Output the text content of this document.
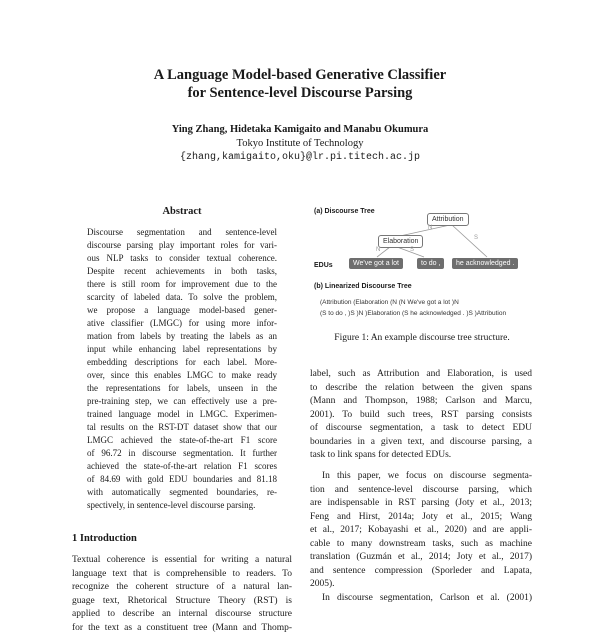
A Language Model-based Generative Classifier
for Sentence-level Discourse Parsing
Ying Zhang, Hidetaka Kamigaito and Manabu Okumura
Tokyo Institute of Technology
{zhang,kamigaito,oku}@lr.pi.titech.ac.jp
Abstract
Discourse segmentation and sentence-level
discourse parsing play important roles for vari-
ous NLP tasks to consider textual coherence.
Despite recent achievements in both tasks,
there is still room for improvement due to the
scarcity of labeled data. To solve the problem,
we propose a language model-based gener-
ative classifier (LMGC) for using more infor-
mation from labels by treating the labels as an
input while enhancing label representations by
embedding descriptions for each label. More-
over, since this enables LMGC to make ready
the representations for labels, unseen in the
pre-training step, we can effectively use a pre-
trained language model in LMGC. Experimen-
tal results on the RST-DT dataset show that our
LMGC achieved the state-of-the-art F1 score
of 96.72 in discourse segmentation. It further
achieved the state-of-the-art relation F1 scores
of 84.69 with gold EDU boundaries and 81.18
with automatically segmented boundaries, re-
spectively, in sentence-level discourse parsing.
1 Introduction
Textual coherence is essential for writing a natural
language text that is comprehensible to readers. To
recognize the coherent structure of a natural lan-
guage text, Rhetorical Structure Theory (RST) is
applied to describe an internal discourse structure
for the text as a constituent tree (Mann and Thomp-
(a) Discourse Tree
Attribution
Elaboration
N
S
N	S
EDUs	We've got a lot	to do ,	he acknowledged .
(b) Linearized Discourse Tree
(Attribution (Elaboration (N (N We've got a lot )N
(S to do , )S )N )Elaboration (S he acknowledged . )S )Attribution
Figure 1: An example discourse tree structure.
label, such as Attribution and Elaboration, is used
to describe the relation between the given spans
(Mann and Thompson, 1988; Carlson and Marcu,
2001). To build such trees, RST parsing consists
of discourse segmentation, a task to detect EDU
boundaries in a given text, and discourse parsing, a
task to link spans for detected EDUs.
In this paper, we focus on discourse segmenta-
tion and sentence-level discourse parsing, which
are indispensable in RST parsing (Joty et al., 2013;
Feng and Hirst, 2014a; Joty et al., 2015; Wang
et al., 2017; Kobayashi et al., 2020) and are appli-
cable to many downstream tasks, such as machine
translation (Guzmán et al., 2014; Joty et al., 2017)
and sentence compression (Sporleder and Lapata,
2005).
In discourse segmentation, Carlson et al. (2001)
